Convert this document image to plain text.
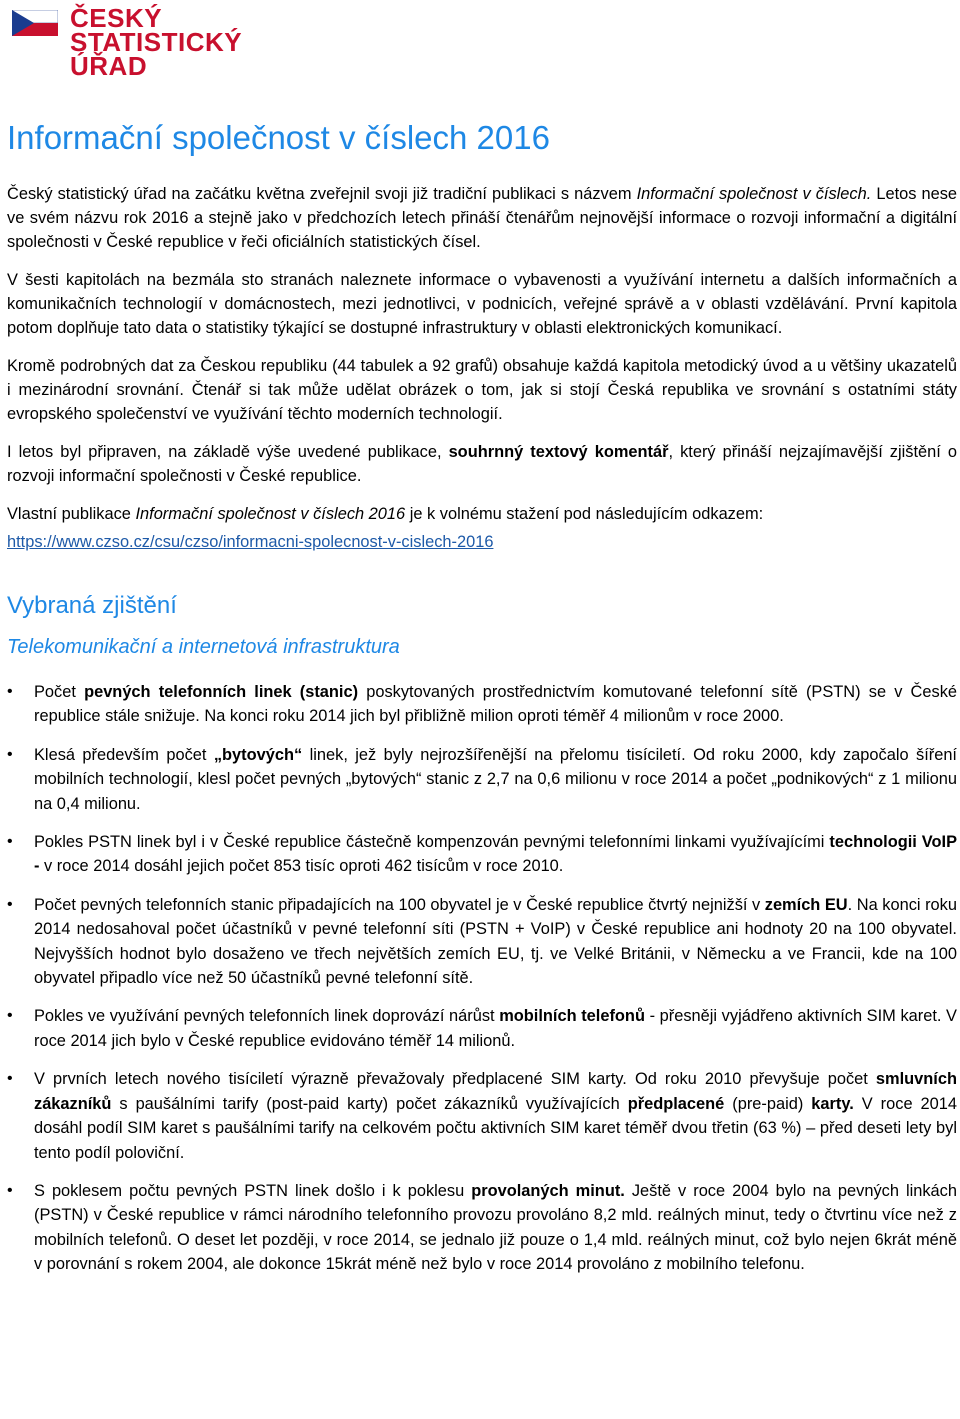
ČESKÝ
STATISTICKÝ
ÚŘAD
Informační společnost v číslech 2016

Český statistický úřad na začátku května zveřejnil svoji již tradiční publikaci s názvem Informační společnost v číslech. Letos nese ve svém názvu rok 2016 a stejně jako v předchozích letech přináší čtenářům nejnovější informace o rozvoji informační a digitální společnosti v České republice v řeči oficiálních statistických čísel.

V šesti kapitolách na bezmála sto stranách naleznete informace o vybavenosti a využívání internetu a dalších informačních a komunikačních technologií v domácnostech, mezi jednotlivci, v podnicích, veřejné správě a v oblasti vzdělávání. První kapitola potom doplňuje tato data o statistiky týkající se dostupné infrastruktury v oblasti elektronických komunikací.

Kromě podrobných dat za Českou republiku (44 tabulek a 92 grafů) obsahuje každá kapitola metodický úvod a u většiny ukazatelů i mezinárodní srovnání. Čtenář si tak může udělat obrázek o tom, jak si stojí Česká republika ve srovnání s ostatními státy evropského společenství ve využívání těchto moderních technologií.

I letos byl připraven, na základě výše uvedené publikace, souhrnný textový komentář, který přináší nejzajímavější zjištění o rozvoji informační společnosti v České republice.

Vlastní publikace Informační společnost v číslech 2016 je k volnému stažení pod následujícím odkazem:

https://www.czso.cz/csu/czso/informacni-spolecnost-v-cislech-2016

Vybraná zjištění
Telekomunikační a internetová infrastruktura
• Počet pevných telefonních linek (stanic) poskytovaných prostřednictvím komutované telefonní sítě (PSTN) se v České republice stále snižuje. Na konci roku 2014 jich byl přibližně milion oproti téměř 4 milionům v roce 2000.
• Klesá především počet „bytových“ linek, jež byly nejrozšířenější na přelomu tisíciletí. Od roku 2000, kdy započalo šíření mobilních technologií, klesl počet pevných „bytových“ stanic z 2,7 na 0,6 milionu v roce 2014 a počet „podnikových“ z 1 milionu na 0,4 milionu.
• Pokles PSTN linek byl i v České republice částečně kompenzován pevnými telefonními linkami využívajícími technologii VoIP - v roce 2014 dosáhl jejich počet 853 tisíc oproti 462 tisícům v roce 2010.
• Počet pevných telefonních stanic připadajících na 100 obyvatel je v České republice čtvrtý nejnižší v zemích EU. Na konci roku 2014 nedosahoval počet účastníků v pevné telefonní síti (PSTN + VoIP) v České republice ani hodnoty 20 na 100 obyvatel. Nejvyšších hodnot bylo dosaženo ve třech největších zemích EU, tj. ve Velké Británii, v Německu a ve Francii, kde na 100 obyvatel připadlo více než 50 účastníků pevné telefonní sítě.
• Pokles ve využívání pevných telefonních linek doprovází nárůst mobilních telefonů - přesněji vyjádřeno aktivních SIM karet. V roce 2014 jich bylo v České republice evidováno téměř 14 milionů.
• V prvních letech nového tisíciletí výrazně převažovaly předplacené SIM karty. Od roku 2010 převyšuje počet smluvních zákazníků s paušálními tarify (post-paid karty) počet zákazníků využívajících předplacené (pre-paid) karty. V roce 2014 dosáhl podíl SIM karet s paušálními tarify na celkovém počtu aktivních SIM karet téměř dvou třetin (63 %) – před deseti lety byl tento podíl poloviční.
• S poklesem počtu pevných PSTN linek došlo i k poklesu provolaných minut. Ještě v roce 2004 bylo na pevných linkách (PSTN) v České republice v rámci národního telefonního provozu provoláno 8,2 mld. reálných minut, tedy o čtvrtinu více než z mobilních telefonů. O deset let později, v roce 2014, se jednalo již pouze o 1,4 mld. reálných minut, což bylo nejen 6krát méně v porovnání s rokem 2004, ale dokonce 15krát méně než bylo v roce 2014 provoláno z mobilního telefonu.
